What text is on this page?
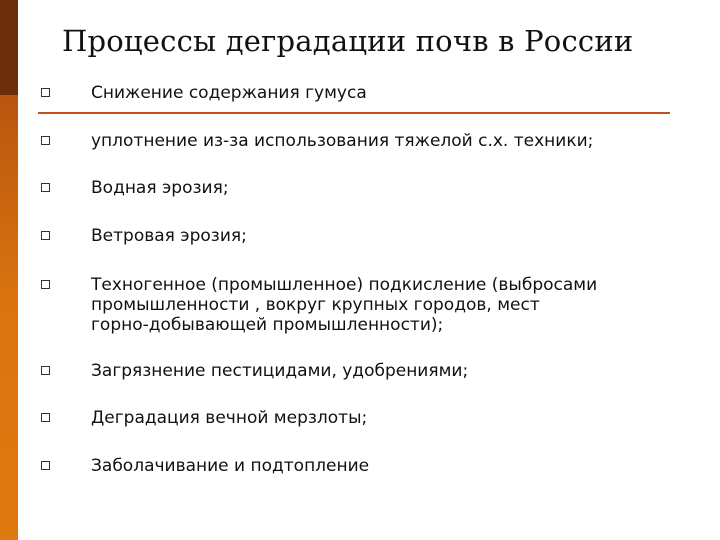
Процессы деградации почв в России
Снижение содержания гумуса
уплотнение из-за использования тяжелой с.х. техники;
Водная эрозия;
Ветровая эрозия;
Техногенное (промышленное) подкисление (выбросами
промышленности , вокруг крупных городов, мест
горно-добывающей промышленности);
Загрязнение пестицидами, удобрениями;
Деградация вечной мерзлоты;
Заболачивание и подтопление
